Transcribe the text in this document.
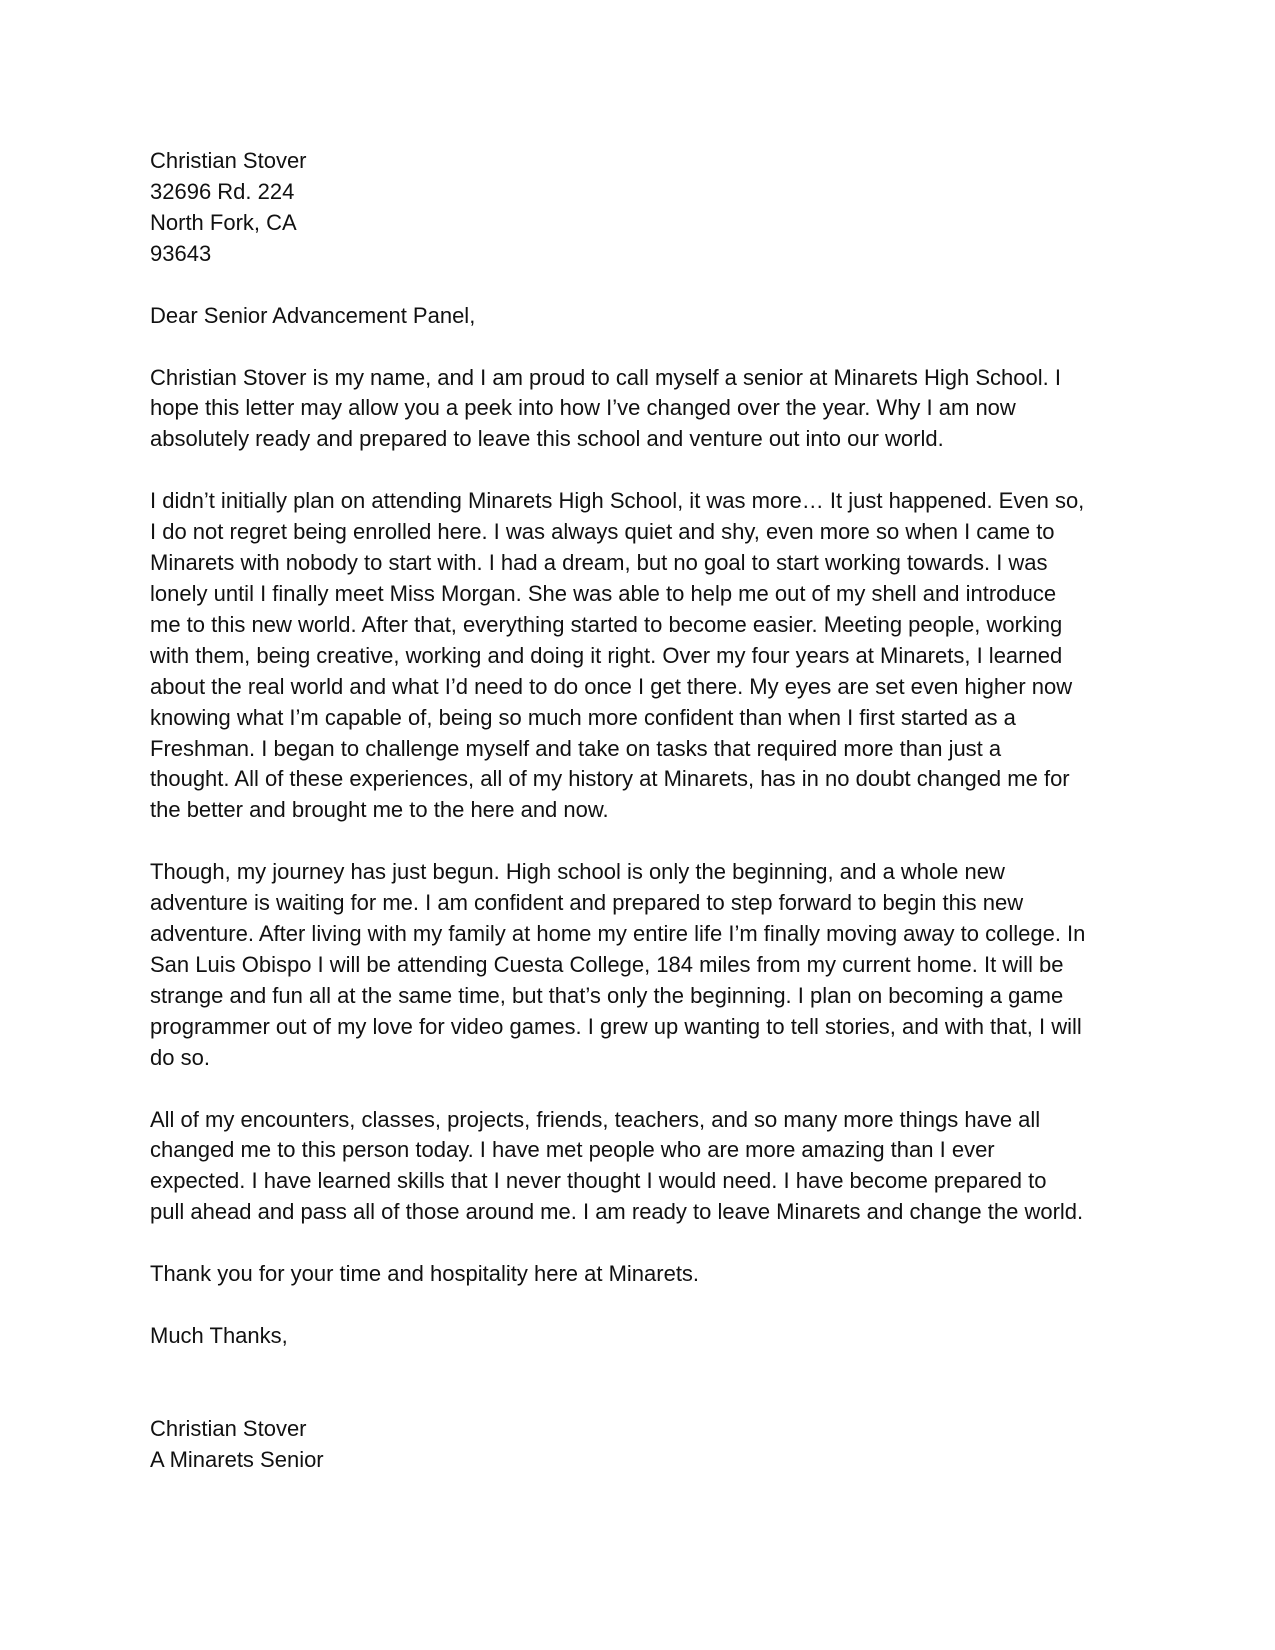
Christian Stover
32696 Rd. 224
North Fork, CA
93643
Dear Senior Advancement Panel,
Christian Stover is my name, and I am proud to call myself a senior at Minarets High School. I
hope this letter may allow you a peek into how I’ve changed over the year. Why I am now
absolutely ready and prepared to leave this school and venture out into our world.
I didn’t initially plan on attending Minarets High School, it was more… It just happened. Even so,
I do not regret being enrolled here. I was always quiet and shy, even more so when I came to
Minarets with nobody to start with. I had a dream, but no goal to start working towards. I was
lonely until I finally meet Miss Morgan. She was able to help me out of my shell and introduce
me to this new world. After that, everything started to become easier. Meeting people, working
with them, being creative, working and doing it right. Over my four years at Minarets, I learned
about the real world and what I’d need to do once I get there. My eyes are set even higher now
knowing what I’m capable of, being so much more confident than when I first started as a
Freshman. I began to challenge myself and take on tasks that required more than just a
thought. All of these experiences, all of my history at Minarets, has in no doubt changed me for
the better and brought me to the here and now.
Though, my journey has just begun. High school is only the beginning, and a whole new
adventure is waiting for me. I am confident and prepared to step forward to begin this new
adventure. After living with my family at home my entire life I’m finally moving away to college. In
San Luis Obispo I will be attending Cuesta College, 184 miles from my current home. It will be
strange and fun all at the same time, but that’s only the beginning. I plan on becoming a game
programmer out of my love for video games. I grew up wanting to tell stories, and with that, I will
do so.
All of my encounters, classes, projects, friends, teachers, and so many more things have all
changed me to this person today. I have met people who are more amazing than I ever
expected. I have learned skills that I never thought I would need. I have become prepared to
pull ahead and pass all of those around me. I am ready to leave Minarets and change the world.
Thank you for your time and hospitality here at Minarets.
Much Thanks,
Christian Stover
A Minarets Senior
